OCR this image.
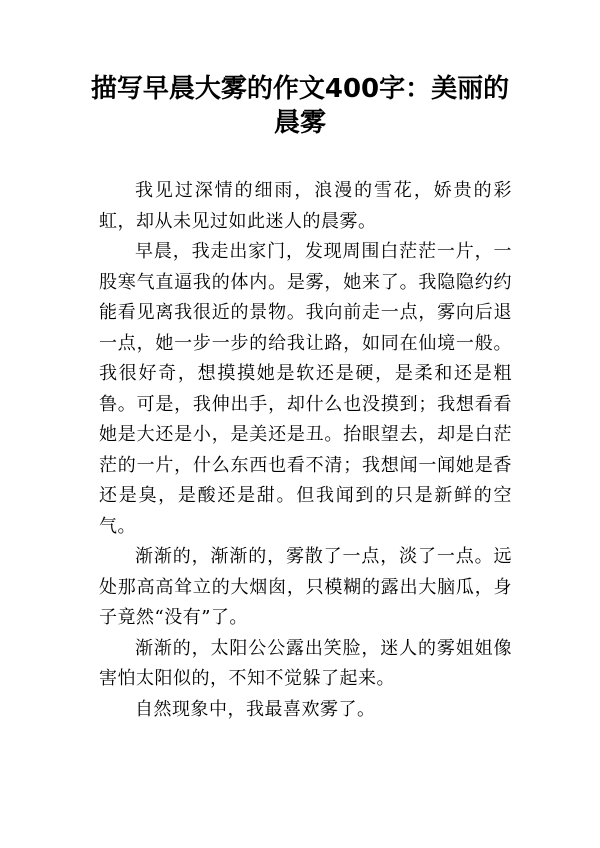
描写早晨大雾的作文400字：美丽的
晨雾

我见过深情的细雨，浪漫的雪花，娇贵的彩虹，却从未见过如此迷人的晨雾。

早晨，我走出家门，发现周围白茫茫一片，一股寒气直逼我的体内。是雾，她来了。我隐隐约约能看见离我很近的景物。我向前走一点，雾向后退一点，她一步一步的给我让路，如同在仙境一般。我很好奇，想摸摸她是软还是硬，是柔和还是粗鲁。可是，我伸出手，却什么也没摸到；我想看看她是大还是小，是美还是丑。抬眼望去，却是白茫茫的一片，什么东西也看不清；我想闻一闻她是香还是臭，是酸还是甜。但我闻到的只是新鲜的空气。

渐渐的，渐渐的，雾散了一点，淡了一点。远处那高高耸立的大烟囱，只模糊的露出大脑瓜，身子竟然“没有”了。

渐渐的，太阳公公露出笑脸，迷人的雾姐姐像害怕太阳似的，不知不觉躲了起来。

自然现象中，我最喜欢雾了。
